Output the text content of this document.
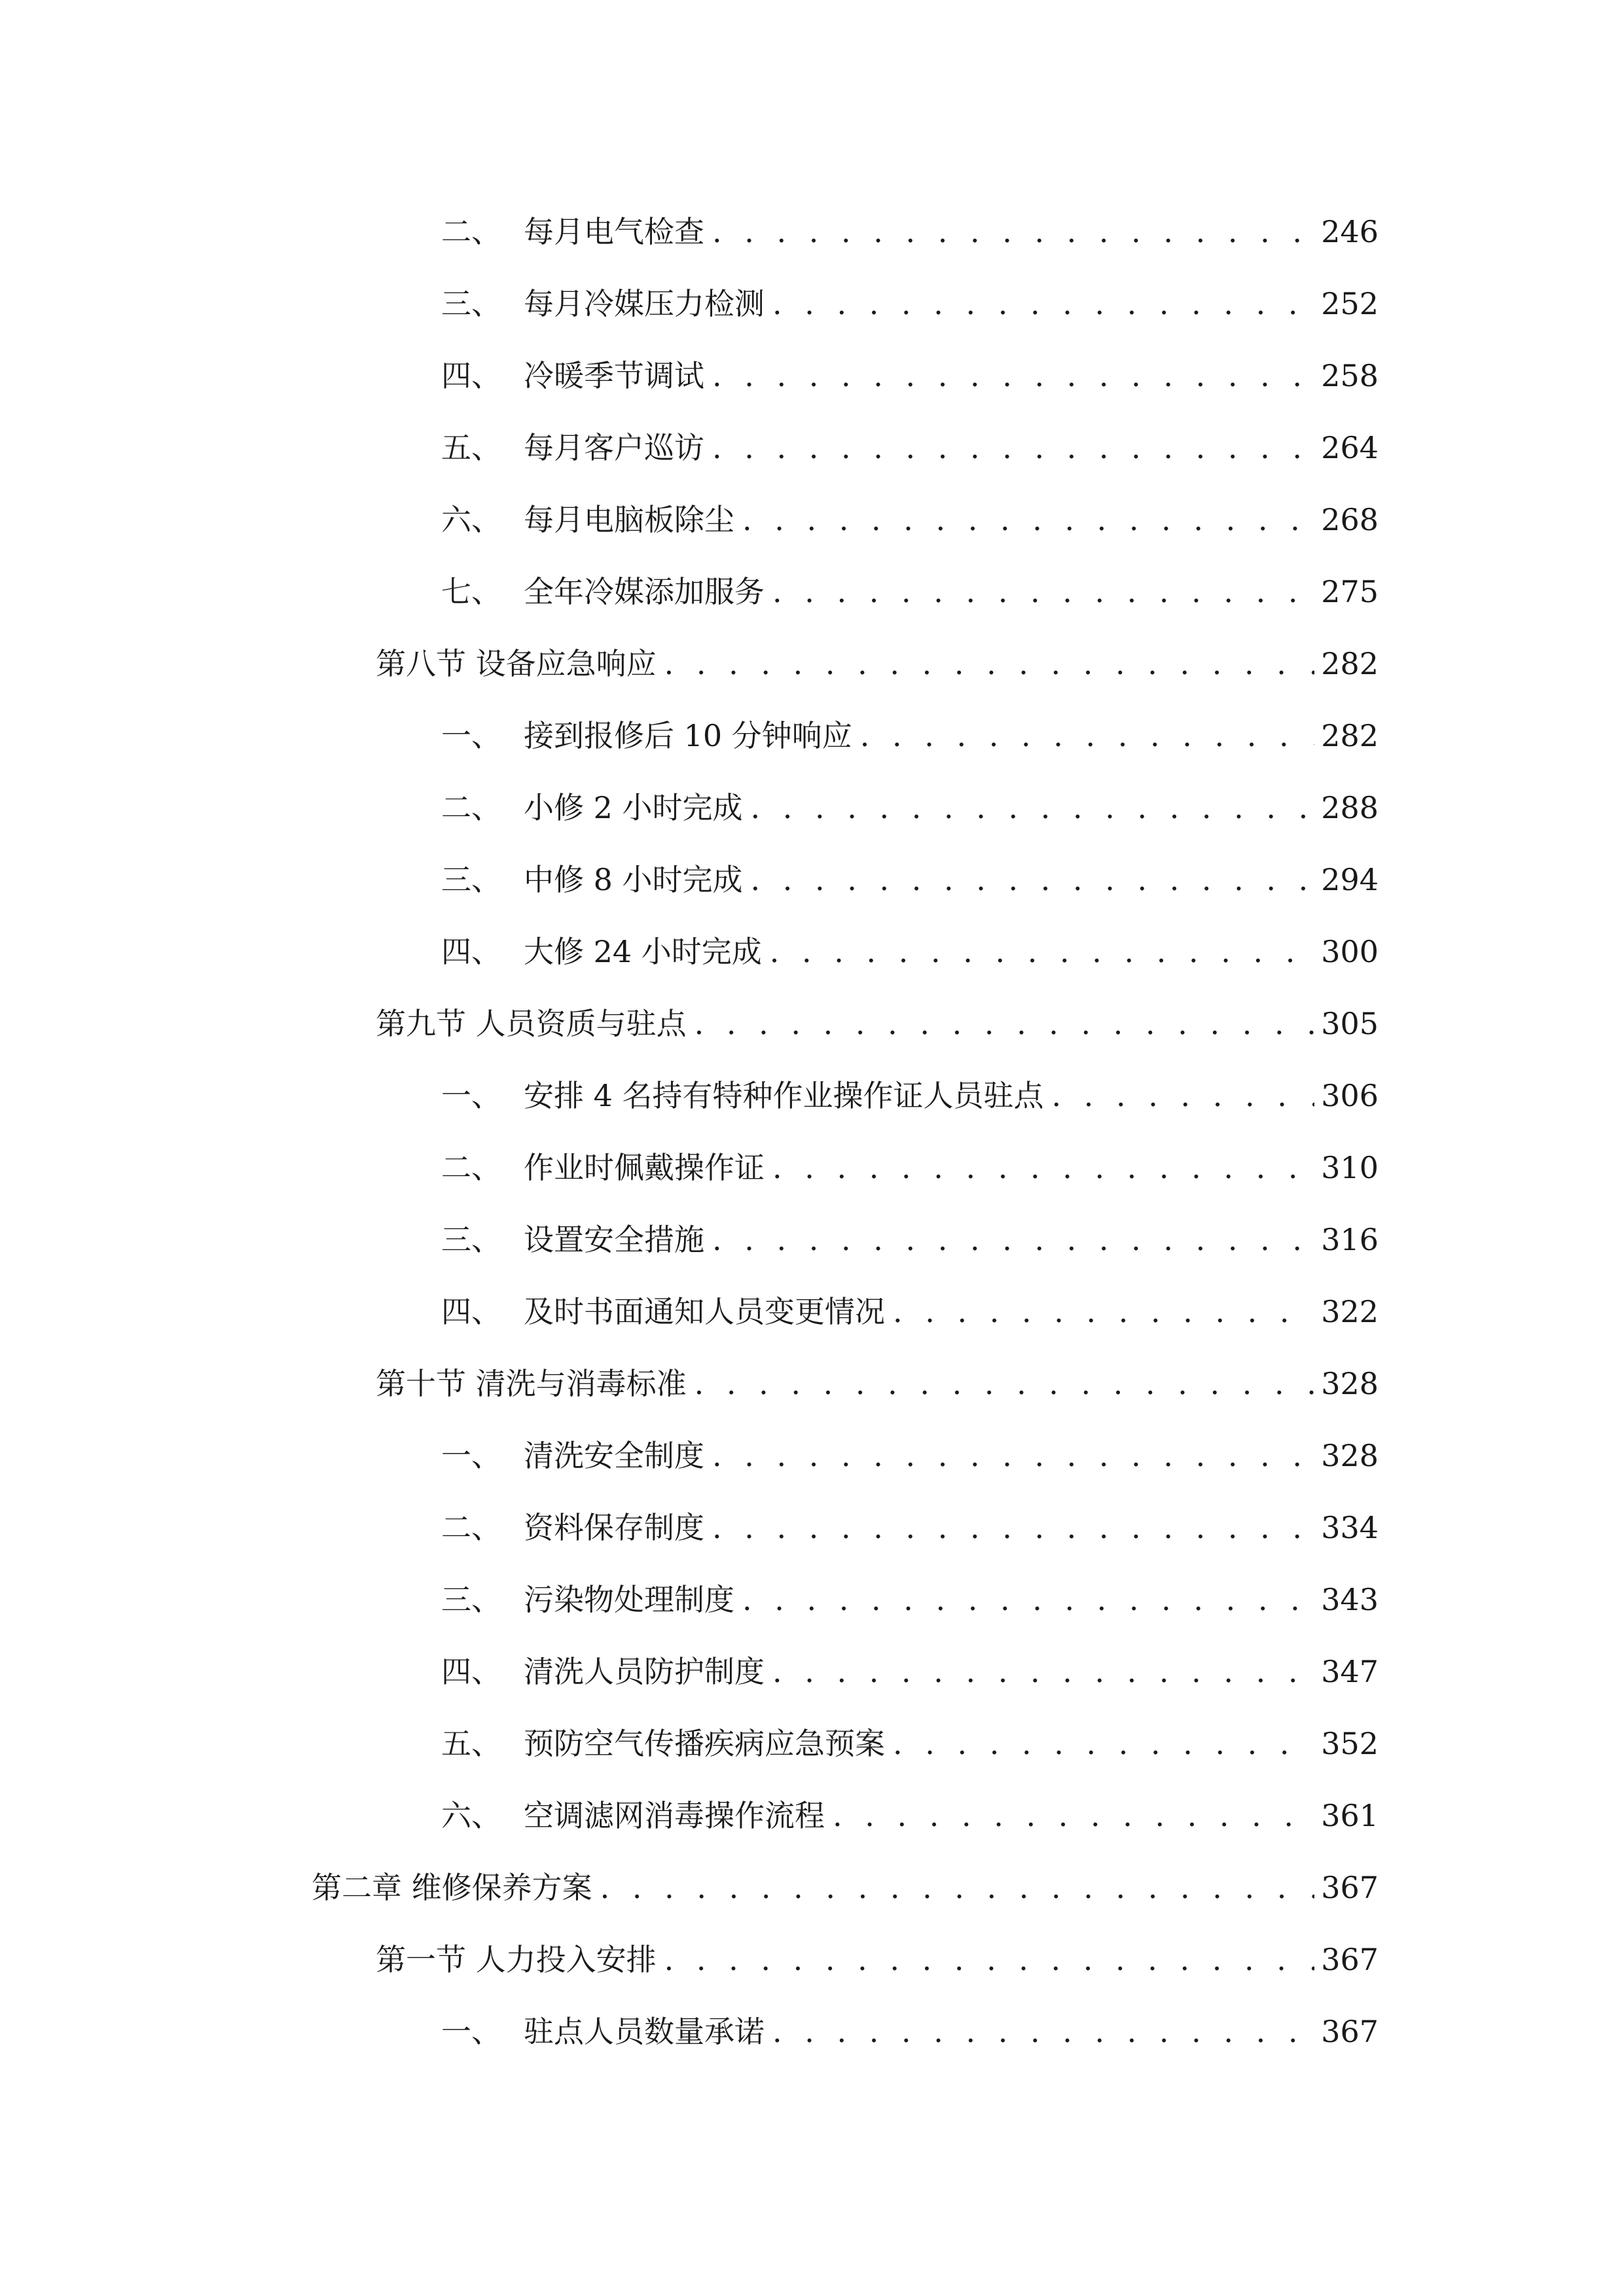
二、 每月电气检查 . . .	246
三、 每月冷媒压力检测 . . .	252
四、 冷暖季节调试 . . .	258
五、 每月客户巡访 . . .	264
六、 每月电脑板除尘 . . .	268
七、 全年冷媒添加服务 . . .	275
第八节 设备应急响应 . . .	282
一、 接到报修后 10 分钟响应 . . .	282
二、 小修 2 小时完成 . . .	288
三、 中修 8 小时完成 . . .	294
四、 大修 24 小时完成 . . .	300
第九节 人员资质与驻点 . . .	305
一、 安排 4 名持有特种作业操作证人员驻点 . . .	306
二、 作业时佩戴操作证 . . .	310
三、 设置安全措施 . . .	316
四、 及时书面通知人员变更情况 . . .	322
第十节 清洗与消毒标准 . . .	328
一、 清洗安全制度 . . .	328
二、 资料保存制度 . . .	334
三、 污染物处理制度 . . .	343
四、 清洗人员防护制度 . . .	347
五、 预防空气传播疾病应急预案 . . .	352
六、 空调滤网消毒操作流程 . . .	361
第二章 维修保养方案 . . .	367
第一节 人力投入安排 . . .	367
一、 驻点人员数量承诺 . . .	367
